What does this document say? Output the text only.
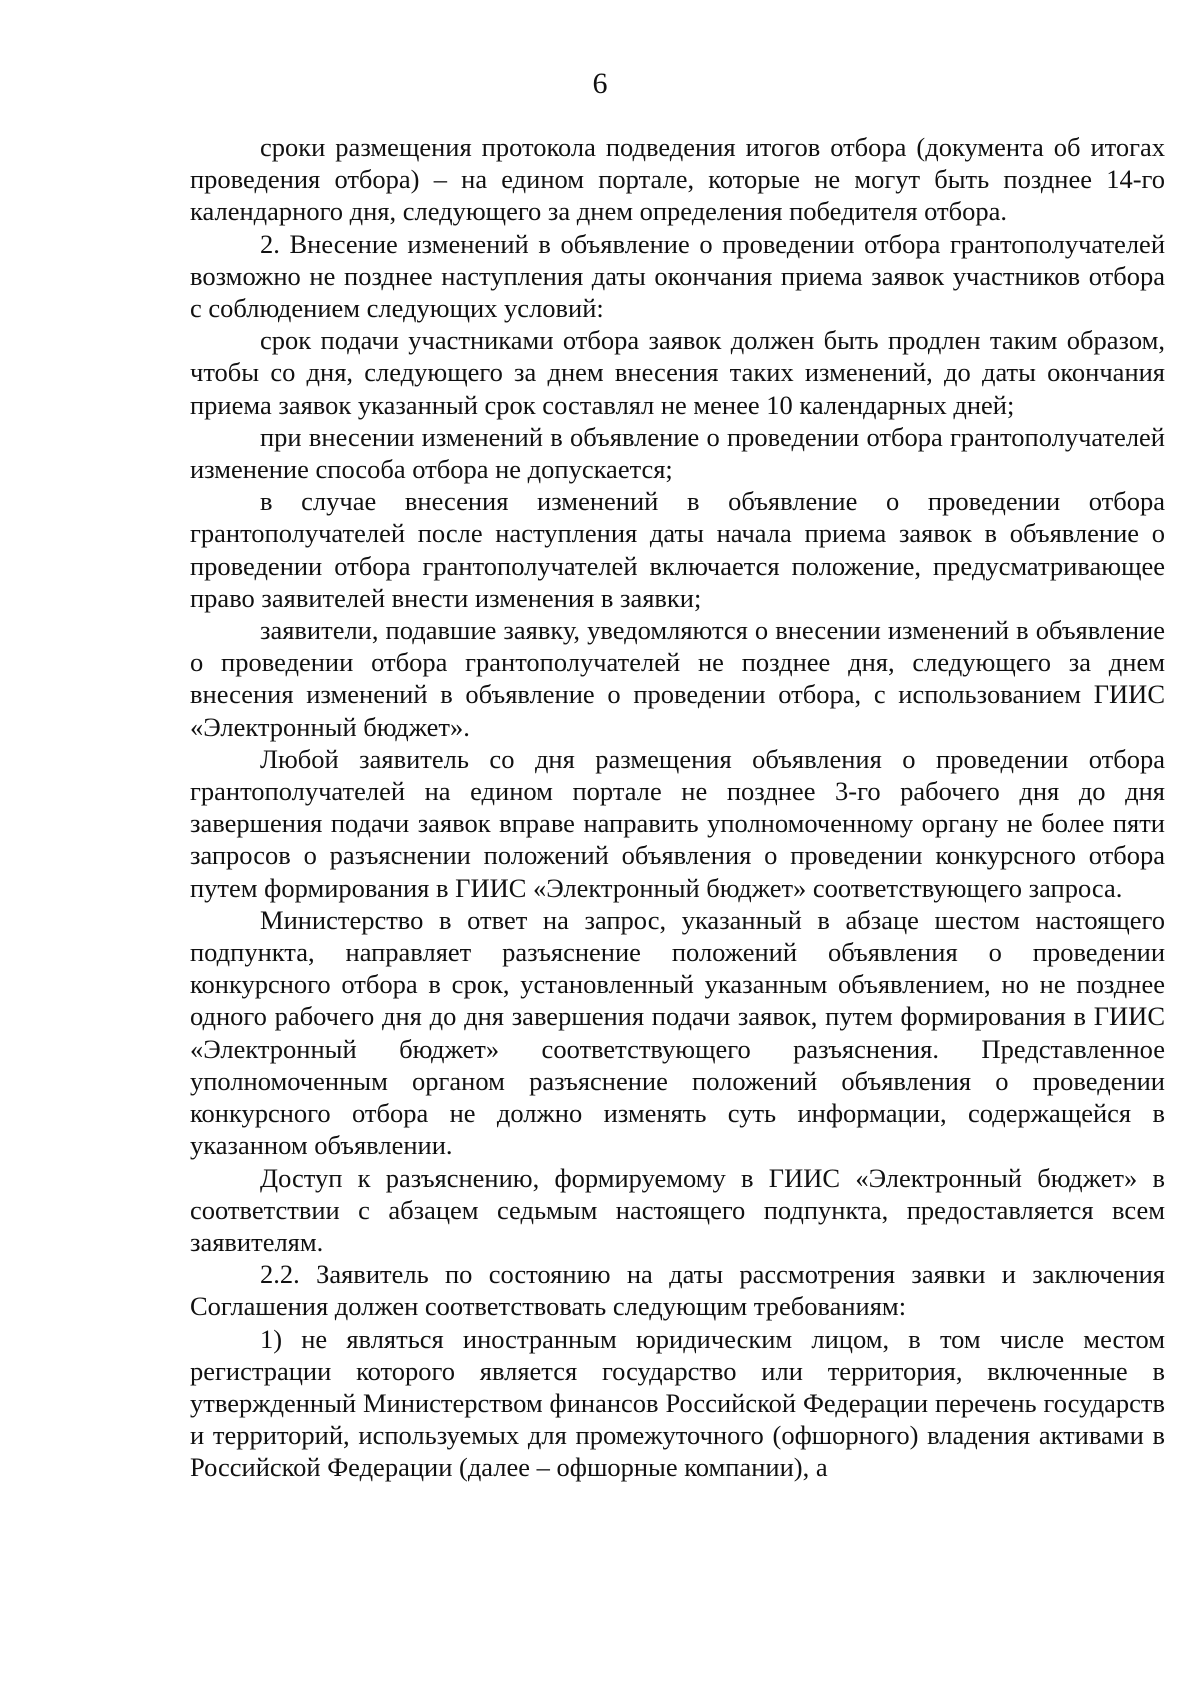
6

сроки размещения протокола подведения итогов отбора (документа об итогах проведения отбора) – на едином портале, которые не могут быть позднее 14-го календарного дня, следующего за днем определения победителя отбора.

2. Внесение изменений в объявление о проведении отбора грантополучателей возможно не позднее наступления даты окончания приема заявок участников отбора с соблюдением следующих условий:

срок подачи участниками отбора заявок должен быть продлен таким образом, чтобы со дня, следующего за днем внесения таких изменений, до даты окончания приема заявок указанный срок составлял не менее 10 календарных дней;

при внесении изменений в объявление о проведении отбора грантополучателей изменение способа отбора не допускается;

в случае внесения изменений в объявление о проведении отбора грантополучателей после наступления даты начала приема заявок в объявление о проведении отбора грантополучателей включается положение, предусматривающее право заявителей внести изменения в заявки;

заявители, подавшие заявку, уведомляются о внесении изменений в объявление о проведении отбора грантополучателей не позднее дня, следующего за днем внесения изменений в объявление о проведении отбора, с использованием ГИИС «Электронный бюджет».

Любой заявитель со дня размещения объявления о проведении отбора грантополучателей на едином портале не позднее 3-го рабочего дня до дня завершения подачи заявок вправе направить уполномоченному органу не более пяти запросов о разъяснении положений объявления о проведении конкурсного отбора путем формирования в ГИИС «Электронный бюджет» соответствующего запроса.

Министерство в ответ на запрос, указанный в абзаце шестом настоящего подпункта, направляет разъяснение положений объявления о проведении конкурсного отбора в срок, установленный указанным объявлением, но не позднее одного рабочего дня до дня завершения подачи заявок, путем формирования в ГИИС «Электронный бюджет» соответствующего разъяснения. Представленное уполномоченным органом разъяснение положений объявления о проведении конкурсного отбора не должно изменять суть информации, содержащейся в указанном объявлении.

Доступ к разъяснению, формируемому в ГИИС «Электронный бюджет» в соответствии с абзацем седьмым настоящего подпункта, предоставляется всем заявителям.

2.2. Заявитель по состоянию на даты рассмотрения заявки и заключения Соглашения должен соответствовать следующим требованиям:

1) не являться иностранным юридическим лицом, в том числе местом регистрации которого является государство или территория, включенные в утвержденный Министерством финансов Российской Федерации перечень государств и территорий, используемых для промежуточного (офшорного) владения активами в Российской Федерации (далее – офшорные компании), а
